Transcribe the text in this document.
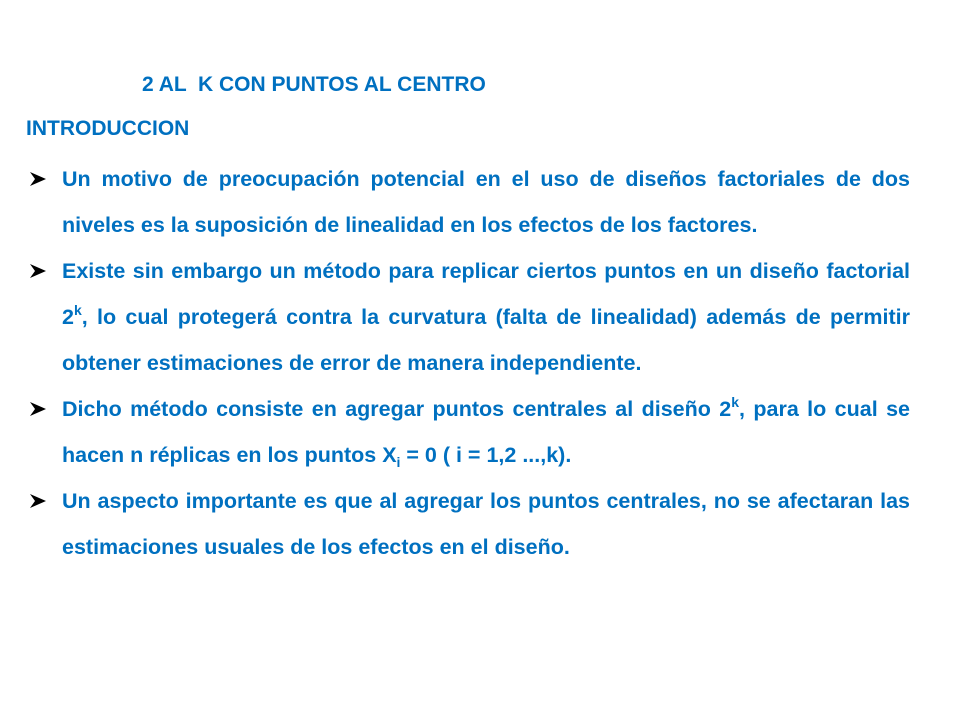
2 AL  K CON PUNTOS AL CENTRO

INTRODUCCION

Un motivo de preocupación potencial en el uso de diseños factoriales de dos niveles es la suposición de linealidad en los efectos de los factores.
Existe sin embargo un método para replicar ciertos puntos en un diseño factorial 2$^k$, lo cual protegerá contra la curvatura (falta de linealidad) además de permitir obtener estimaciones de error de manera independiente.
Dicho método consiste en agregar puntos centrales al diseño 2$^k$, para lo cual se hacen n réplicas en los puntos $X_i = 0$ ( i = 1,2 ...,k).
Un aspecto importante es que al agregar los puntos centrales, no se afectaran las estimaciones usuales de los efectos en el diseño.
